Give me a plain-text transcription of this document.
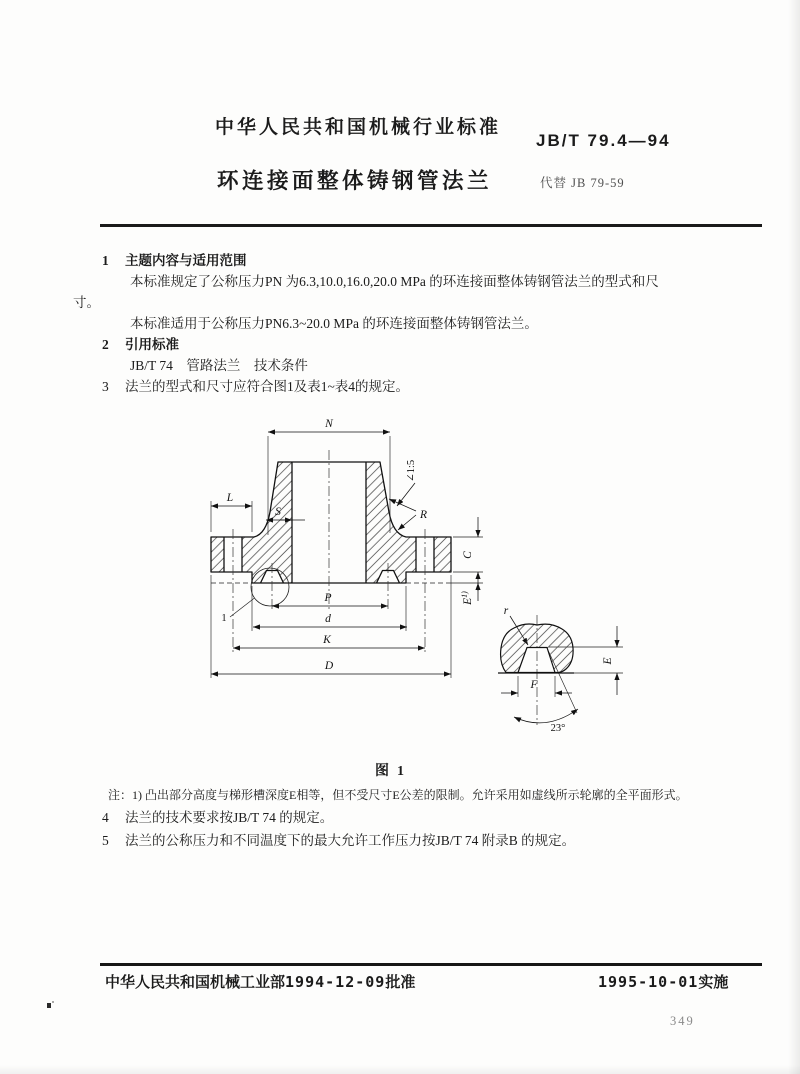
中华人民共和国机械行业标准
JB/T 79.4—94
环连接面整体铸钢管法兰	代替 JB 79-59
1 主题内容与适用范围
本标准规定了公称压力PN 为6.3,10.0,16.0,20.0 MPa 的环连接面整体铸钢管法兰的型式和尺
寸。
本标准适用于公称压力PN6.3~20.0 MPa 的环连接面整体铸钢管法兰。
2 引用标准
JB/T 74　管路法兰　技术条件
3 法兰的型式和尺寸应符合图1及表1~表4的规定。
N
L
S	R
∠1:5
C
$E^{1)}$
P
d
K
D
1
r
E
F
23°
图1
注：1) 凸出部分高度与梯形槽深度E相等，但不受尺寸E公差的限制。允许采用如虚线所示轮廓的全平面形式。
4 法兰的技术要求按JB/T 74 的规定。
5 法兰的公称压力和不同温度下的最大允许工作压力按JB/T 74 附录B 的规定。
中华人民共和国机械工业部1994-12-09批准	1995-10-01实施
349
